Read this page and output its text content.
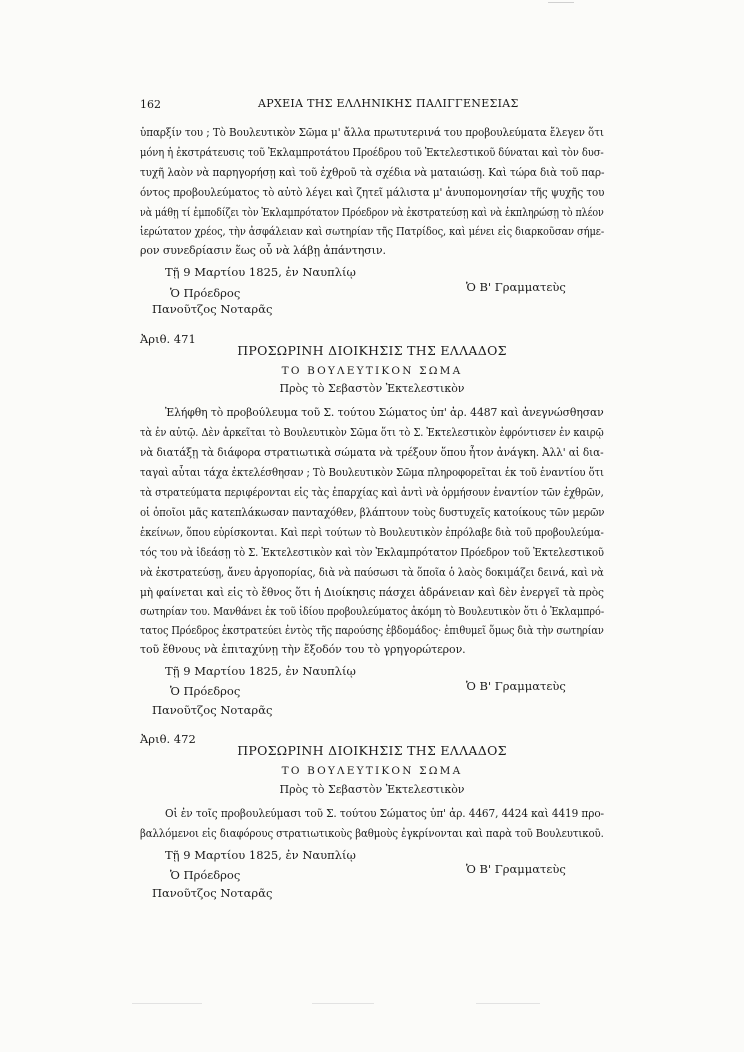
162	ΑΡΧΕΙΑ ΤΗΣ ΕΛΛΗΝΙΚΗΣ ΠΑΛΙΓΓΕΝΕΣΙΑΣ
ὑπαρξίν του ; Τὸ Βουλευτικὸν Σῶμα μ' ἄλλα πρωτυτερινά του προβουλεύματα ἔλεγεν ὅτι
μόνη ἡ ἐκστράτευσις τοῦ Ἐκλαμπροτάτου Προέδρου τοῦ Ἐκτελεστικοῦ δύναται καὶ τὸν δυσ-
τυχῆ λαὸν νὰ παρηγορήσῃ καὶ τοῦ ἐχθροῦ τὰ σχέδια νὰ ματαιώσῃ. Καὶ τώρα διὰ τοῦ παρ-
όντος προβουλεύματος τὸ αὐτὸ λέγει καὶ ζητεῖ μάλιστα μ' ἀνυπομονησίαν τῆς ψυχῆς του
νὰ μάθῃ τί ἐμποδίζει τὸν Ἐκλαμπρότατον Πρόεδρον νὰ ἐκστρατεύσῃ καὶ νὰ ἐκπληρώσῃ τὸ πλέον
ἱερώτατον χρέος, τὴν ἀσφάλειαν καὶ σωτηρίαν τῆς Πατρίδος, καὶ μένει εἰς διαρκοῦσαν σήμε-
ρον συνεδρίασιν ἕως οὗ νὰ λάβῃ ἀπάντησιν.
Τῇ 9 Μαρτίου 1825, ἐν Ναυπλίῳ
Ὁ Πρόεδρος	Ὁ Β' Γραμματεὺς
Πανοῦτζος Νοταρᾶς
Ἀριθ. 471
ΠΡΟΣΩΡΙΝΗ ΔΙΟΙΚΗΣΙΣ ΤΗΣ ΕΛΛΑΔΟΣ
ΤΟ ΒΟΥΛΕΥΤΙΚΟΝ ΣΩΜΑ
Πρὸς τὸ Σεβαστὸν Ἐκτελεστικὸν
Ἐλήφθη τὸ προβούλευμα τοῦ Σ. τούτου Σώματος ὑπ' ἀρ. 4487 καὶ ἀνεγνώσθησαν
τὰ ἐν αὐτῷ. Δὲν ἀρκεῖται τὸ Βουλευτικὸν Σῶμα ὅτι τὸ Σ. Ἐκτελεστικὸν ἐφρόντισεν ἐν καιρῷ
νὰ διατάξῃ τὰ διάφορα στρατιωτικὰ σώματα νὰ τρέξουν ὅπου ἦτον ἀνάγκη. Ἀλλ' αἱ δια-
ταγαὶ αὗται τάχα ἐκτελέσθησαν ; Τὸ Βουλευτικὸν Σῶμα πληροφορεῖται ἐκ τοῦ ἐναντίου ὅτι
τὰ στρατεύματα περιφέρονται εἰς τὰς ἐπαρχίας καὶ ἀντὶ νὰ ὁρμήσουν ἐναντίον τῶν ἐχθρῶν,
οἱ ὁποῖοι μᾶς κατεπλάκωσαν πανταχόθεν, βλάπτουν τοὺς δυστυχεῖς κατοίκους τῶν μερῶν
ἐκείνων, ὅπου εὑρίσκονται. Καὶ περὶ τούτων τὸ Βουλευτικὸν ἐπρόλαβε διὰ τοῦ προβουλεύμα-
τός του νὰ ἰδεάσῃ τὸ Σ. Ἐκτελεστικὸν καὶ τὸν Ἐκλαμπρότατον Πρόεδρον τοῦ Ἐκτελεστικοῦ
νὰ ἐκστρατεύσῃ, ἄνευ ἀργοπορίας, διὰ νὰ παύσωσι τὰ ὅποῖα ὁ λαὸς δοκιμάζει δεινά, καὶ νὰ
μὴ φαίνεται καὶ εἰς τὸ ἔθνος ὅτι ἡ Διοίκησις πάσχει ἀδράνειαν καὶ δὲν ἐνεργεῖ τὰ πρὸς
σωτηρίαν του. Μανθάνει ἐκ τοῦ ἰδίου προβουλεύματος ἀκόμη τὸ Βουλευτικὸν ὅτι ὁ Ἐκλαμπρό-
τατος Πρόεδρος ἐκστρατεύει ἐντὸς τῆς παρούσης ἑβδομάδος· ἐπιθυμεῖ ὅμως διὰ τὴν σωτηρίαν
τοῦ ἔθνους νὰ ἐπιταχύνῃ τὴν ἔξοδόν του τὸ γρηγορώτερον.
Τῇ 9 Μαρτίου 1825, ἐν Ναυπλίῳ
Ὁ Πρόεδρος	Ὁ Β' Γραμματεὺς
Πανοῦτζος Νοταρᾶς
Ἀριθ. 472
ΠΡΟΣΩΡΙΝΗ ΔΙΟΙΚΗΣΙΣ ΤΗΣ ΕΛΛΑΔΟΣ
ΤΟ ΒΟΥΛΕΥΤΙΚΟΝ ΣΩΜΑ
Πρὸς τὸ Σεβαστὸν Ἐκτελεστικὸν
Οἱ ἐν τοῖς προβουλεύμασι τοῦ Σ. τούτου Σώματος ὑπ' ἀρ. 4467, 4424 καὶ 4419 προ-
βαλλόμενοι εἰς διαφόρους στρατιωτικοὺς βαθμοὺς ἐγκρίνονται καὶ παρὰ τοῦ Βουλευτικοῦ.
Τῇ 9 Μαρτίου 1825, ἐν Ναυπλίῳ
Ὁ Πρόεδρος	Ὁ Β' Γραμματεὺς
Πανοῦτζος Νοταρᾶς
